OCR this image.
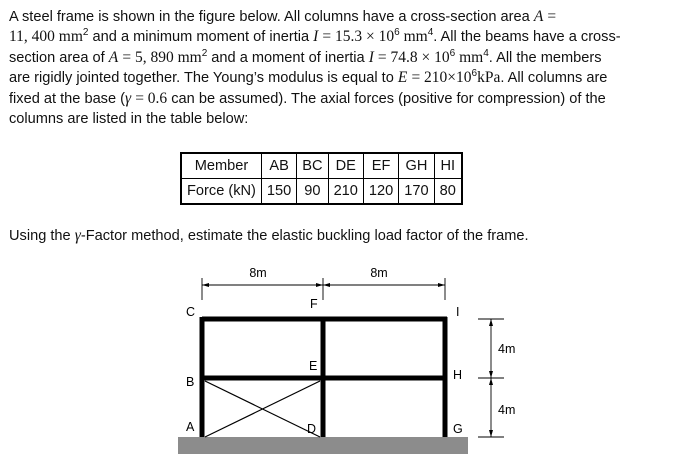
A steel frame is shown in the figure below. All columns have a cross-section area A =
11, 400 $mm^2$ and a minimum moment of inertia $I = 15.3 \times 10^6$ $mm^4$. All the beams have a cross-
section area of A = 5, 890 $mm^2$ and a moment of inertia $I = 74.8 \times 10^6$ $mm^4$. All the members
are rigidly jointed together. The Young’s modulus is equal to $E = 210\times 10^6kPa$. All columns are
fixed at the base (γ = 0.6 can be assumed). The axial forces (positive for compression) of the
columns are listed in the table below:
Member	AB	BC	DE	EF	GH	HI
Force (kN)	150	90	210	120	170	80
Using the γ-Factor method, estimate the elastic buckling load factor of the frame.
8m	8m
4m
4m
C
B
A
F
E
D
I
H
G
